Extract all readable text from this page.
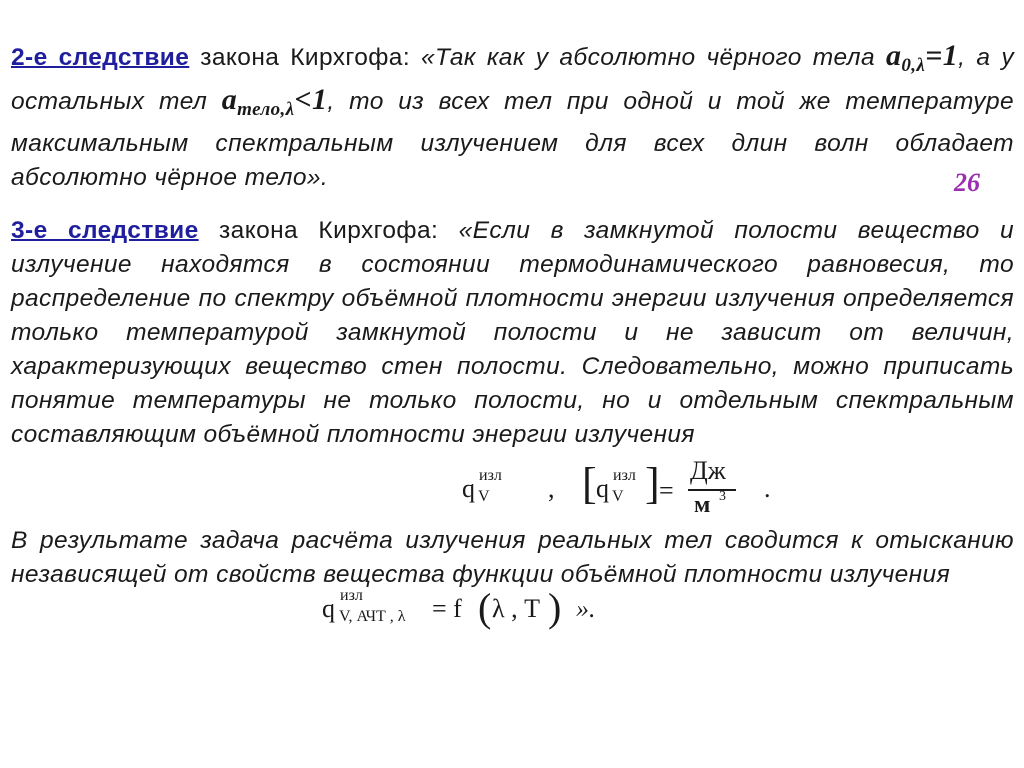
26
2-е следствие закона Кирхгофа: «Так как у абсолютно чёрного тела $a_{0,\lambda}=1$, а у остальных тел $a_{тело,\lambda}<1$, то из всех тел при одной и той же температуре максимальным спектральным излучением для всех длин волн обладает абсолютно чёрное тело».
3-е следствие закона Кирхгофа: «Если в замкнутой полости вещество и излучение находятся в состоянии термодинамического равновесия, то распределение по спектру объёмной плотности энергии излучения определяется только температурой замкнутой полости и не зависит от величин, характеризующих вещество стен полости. Следовательно, можно приписать понятие температуры не только полости, но и отдельным спектральным составляющим объёмной плотности энергии излучения
q изл
V , [ q изл
V ] =
Дж
м 3 .
В результате задача расчёта излучения реальных тел сводится к отысканию независящей от свойств вещества функции объёмной плотности излучения
q изл
V, АЧТ , λ = f ( λ , T ) ».
